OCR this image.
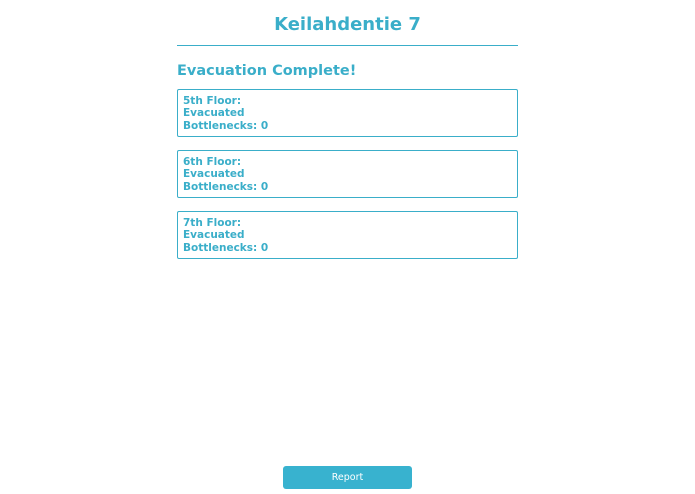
Keilahdentie 7
Evacuation Complete!
5th Floor:
Evacuated
Bottlenecks: 0
6th Floor:
Evacuated
Bottlenecks: 0
7th Floor:
Evacuated
Bottlenecks: 0
Report
